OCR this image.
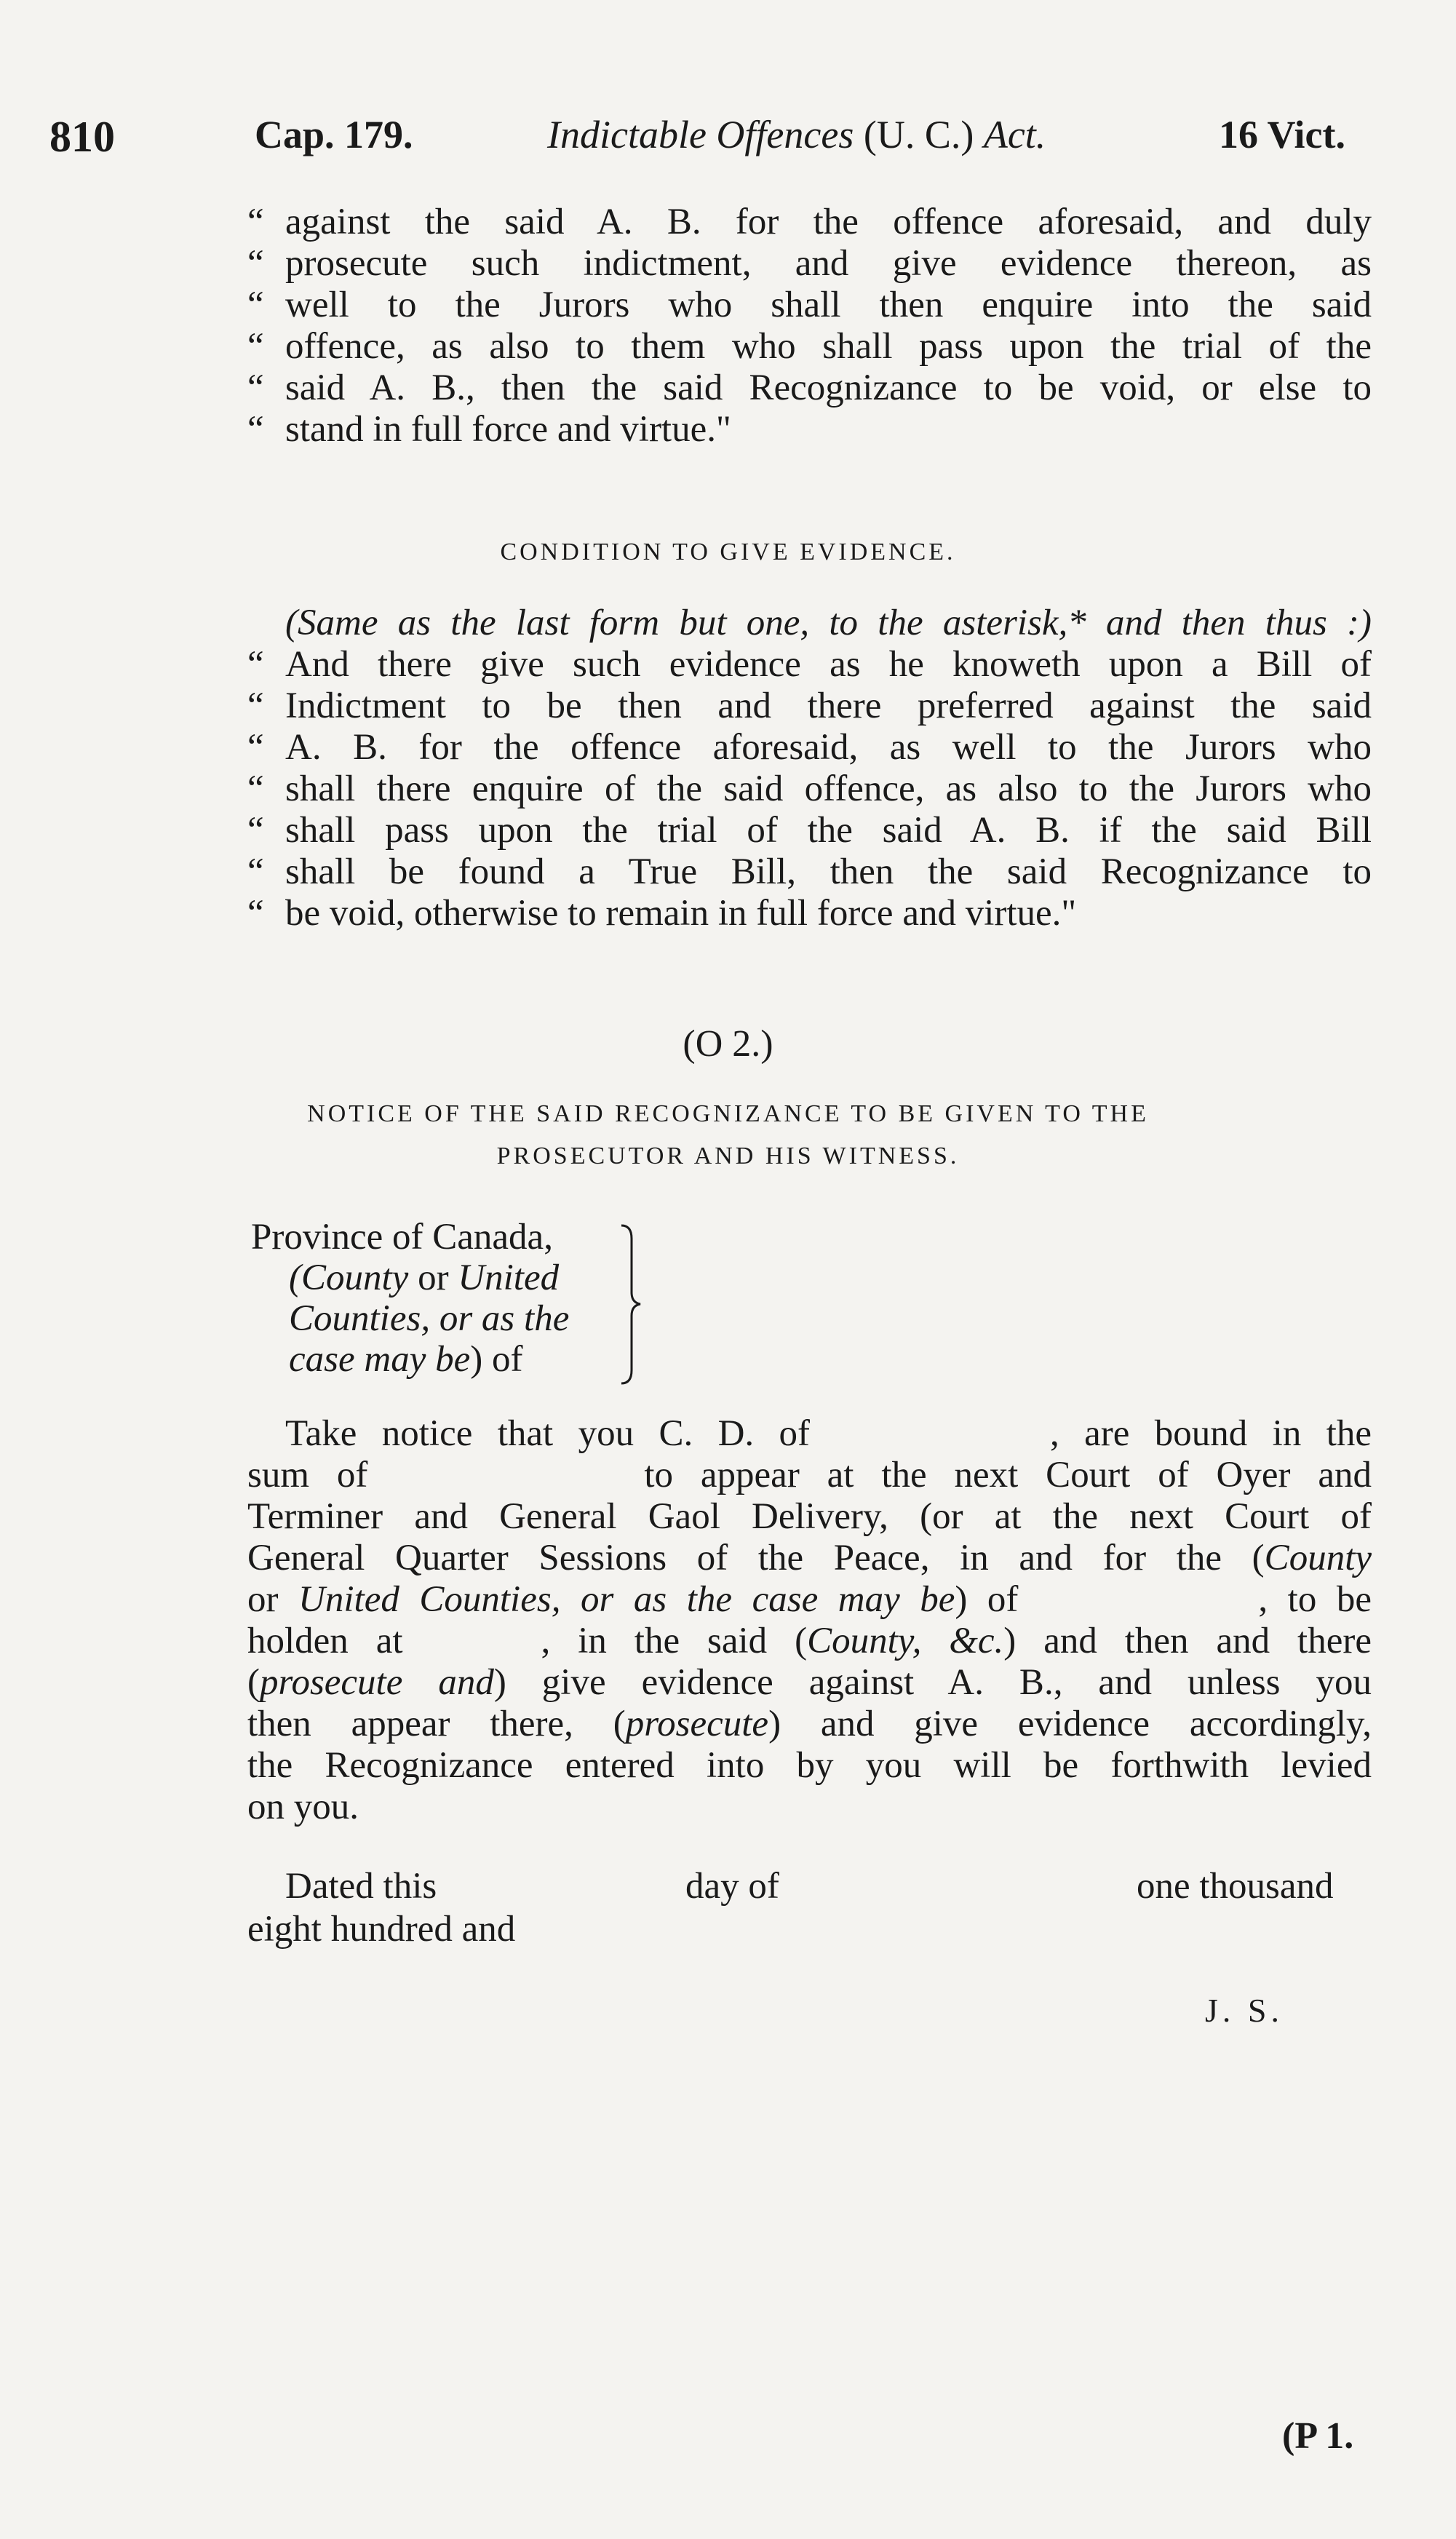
810	Cap. 179.	Indictable Offences (U. C.) Act.	16 Vict.
“ against the said A. B. for the offence aforesaid, and duly
“ prosecute such indictment, and give evidence thereon, as
“ well to the Jurors who shall then enquire into the said
“ offence, as also to them who shall pass upon the trial of the
“ said A. B., then the said Recognizance to be void, or else to
“ stand in full force and virtue."
CONDITION TO GIVE EVIDENCE.
(Same as the last form but one, to the asterisk,* and then thus :)
“ And there give such evidence as he knoweth upon a Bill of
“ Indictment to be then and there preferred against the said
“ A. B. for the offence aforesaid, as well to the Jurors who
“ shall there enquire of the said offence, as also to the Jurors who
“ shall pass upon the trial of the said A. B. if the said Bill
“ shall be found a True Bill, then the said Recognizance to
“ be void, otherwise to remain in full force and virtue."
(O 2.)
NOTICE OF THE SAID RECOGNIZANCE TO BE GIVEN TO THE
PROSECUTOR AND HIS WITNESS.
Province of Canada,
(County or United
Counties, or as the
case may be) of
Take notice that you C. D. of	, are bound in the
sum of	to appear at the next Court of Oyer and
Terminer and General Gaol Delivery, (or at the next Court of
General Quarter Sessions of the Peace, in and for the (County
or United Counties, or as the case may be) of	, to be
holden at	, in the said (County, &c.) and then and there
(prosecute and) give evidence against A. B., and unless you
then appear there, (prosecute) and give evidence accordingly,
the Recognizance entered into by you will be forthwith levied
on you.
Dated this	day of	one thousand
eight hundred and
J. S.
(P 1.
